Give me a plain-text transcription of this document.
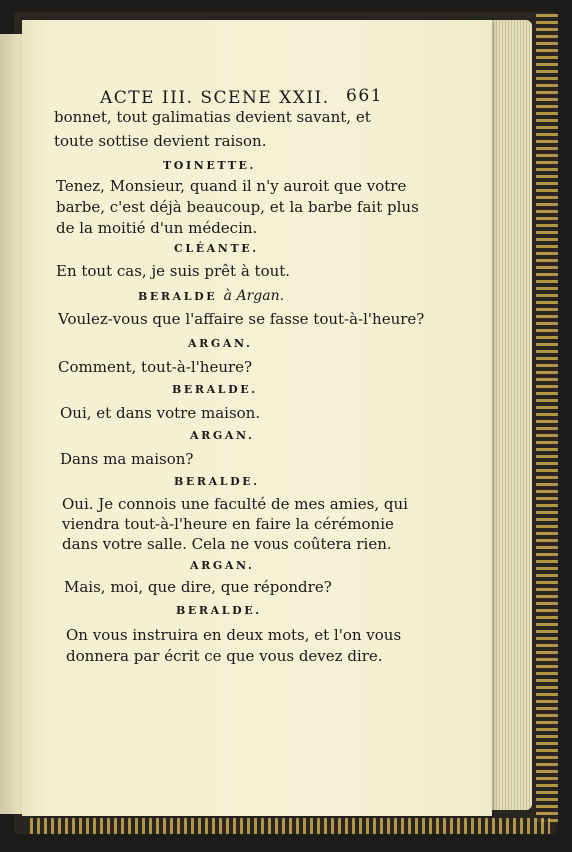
ACTE III. SCENE XXII. 661
bonnet, tout galimatias devient savant, et
toute sottise devient raison.
TOINETTE.
Tenez, Monsieur, quand il n'y auroit que votre
barbe, c'est déjà beaucoup, et la barbe fait plus
de la moitié d'un médecin.
CLÉANTE.
En tout cas, je suis prêt à tout.
BERALDE à Argan.
Voulez-vous que l'affaire se fasse tout-à-l'heure?
ARGAN.
Comment, tout-à-l'heure?
BERALDE.
Oui, et dans votre maison.
ARGAN.
Dans ma maison?
BERALDE.
Oui. Je connois une faculté de mes amies, qui
viendra tout-à-l'heure en faire la cérémonie
dans votre salle. Cela ne vous coûtera rien.
ARGAN.
Mais, moi, que dire, que répondre?
BERALDE.
On vous instruira en deux mots, et l'on vous
donnera par écrit ce que vous devez dire.
